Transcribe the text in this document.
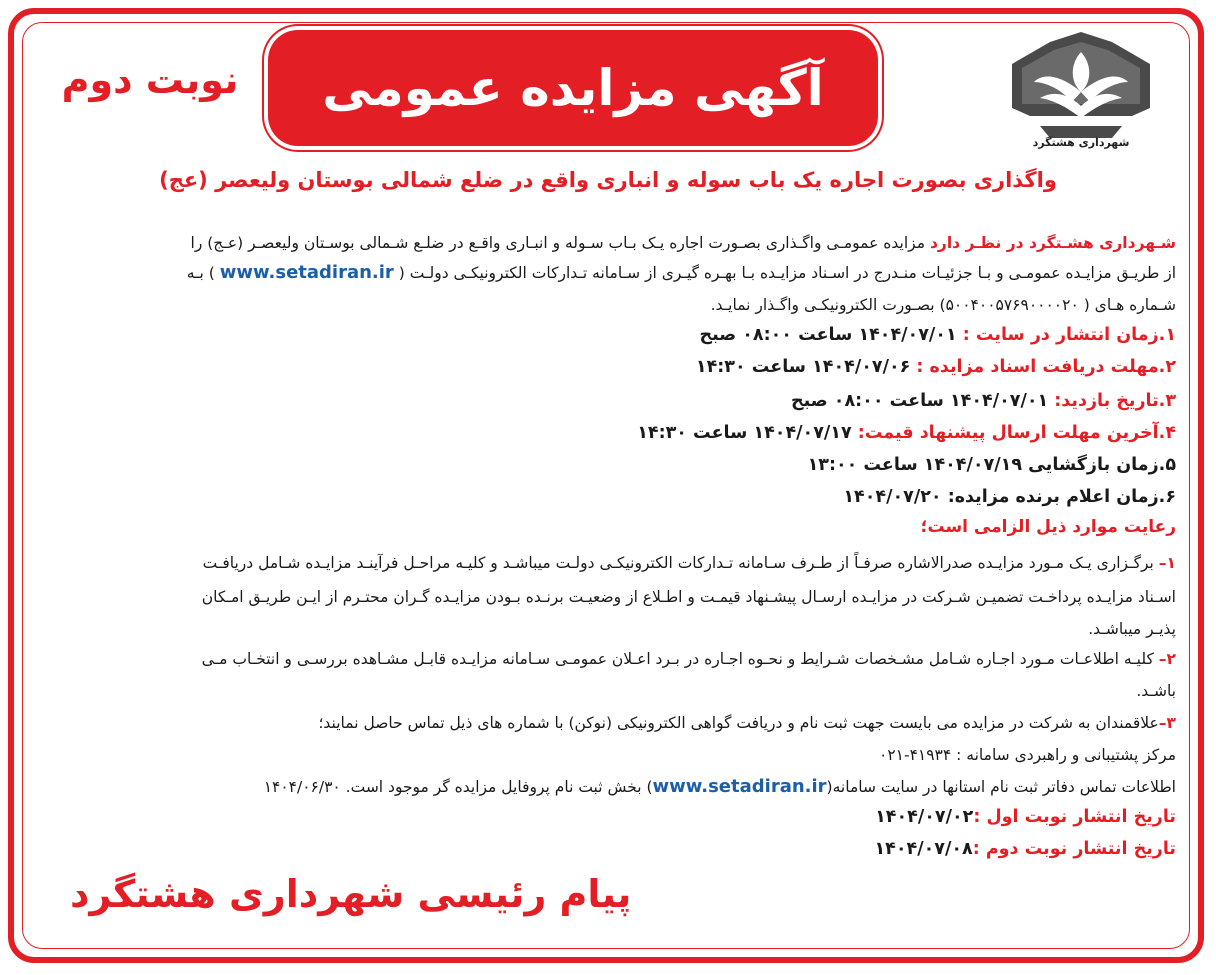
شهرداری هشتگرد
آگهی مزایده عمومی
نوبت دوم
واگذاری بصورت اجاره یک باب سوله و انباری واقع در ضلع شمالی بوستان ولیعصر (عج)
شـهرداری هشـتگرد در نظـر دارد مزایده عمومـی واگـذاری بصـورت اجاره یـک بـاب سـوله و انبـاری واقـع در ضلـع شـمالی بوسـتان ولیعصـر (عـج) را
از طریـق مزایـده عمومـی و بـا جزئیـات منـدرج در اسـناد مزایـده بـا بهـره گیـری از سـامانه تـدارکات الکترونیکـی دولـت ( www.setadiran.ir ) بـه
شـماره هـای ( ۵۰۰۴۰۰۵۷۶۹۰۰۰۰۲۰) بصـورت الکترونیکـی واگـذار نمایـد.
۱.زمان انتشار در سایت : ۱۴۰۴/۰۷/۰۱ ساعت ۰۸:۰۰ صبح
۲.مهلت دریافت اسناد مزایده : ۱۴۰۴/۰۷/۰۶ ساعت ۱۴:۳۰
۳.تاریخ بازدید: ۱۴۰۴/۰۷/۰۱ ساعت ۰۸:۰۰ صبح
۴.آخرین مهلت ارسال پیشنهاد قیمت: ۱۴۰۴/۰۷/۱۷ ساعت ۱۴:۳۰
۵.زمان بازگشایی ۱۴۰۴/۰۷/۱۹ ساعت ۱۳:۰۰
۶.زمان اعلام برنده مزایده: ۱۴۰۴/۰۷/۲۰
رعایت موارد ذیل الزامی است؛
۱– برگـزاری یـک مـورد مزایـده صدرالاشاره صرفـاً از طـرف سـامانه تـدارکات الکترونیکـی دولـت میباشـد و کلیـه مراحـل فرآینـد مزایـده شـامل دریافـت
اسـناد مزایـده پرداخـت تضمیـن شـرکت در مزایـده ارسـال پیشـنهاد قیمـت و اطـلاع از وضعیـت برنـده بـودن مزایـده گـران محتـرم از ایـن طریـق امـکان
پذیـر میباشـد.
۲– کلیـه اطلاعـات مـورد اجـاره شـامل مشـخصات شـرایط و نحـوه اجـاره در بـرد اعـلان عمومـی سـامانه مزایـده قابـل مشـاهده بررسـی و انتخـاب مـی
باشـد.
۳–علاقمندان به شرکت در مزایده می بایست جهت ثبت نام و دریافت گواهی الکترونیکی (نوکن) با شماره های ذیل تماس حاصل نمایند؛
مرکز پشتیبانی و راهبردی سامانه : ۴۱۹۳۴-۰۲۱
اطلاعات تماس دفاتر ثبت نام استانها در سایت سامانه(www.setadiran.ir) بخش ثبت نام پروفایل مزایده گر موجود است. ۱۴۰۴/۰۶/۳۰
تاریخ انتشار نوبت اول :۱۴۰۴/۰۷/۰۲
تاریخ انتشار نوبت دوم :۱۴۰۴/۰۷/۰۸
پیام رئیسی شهرداری هشتگرد
